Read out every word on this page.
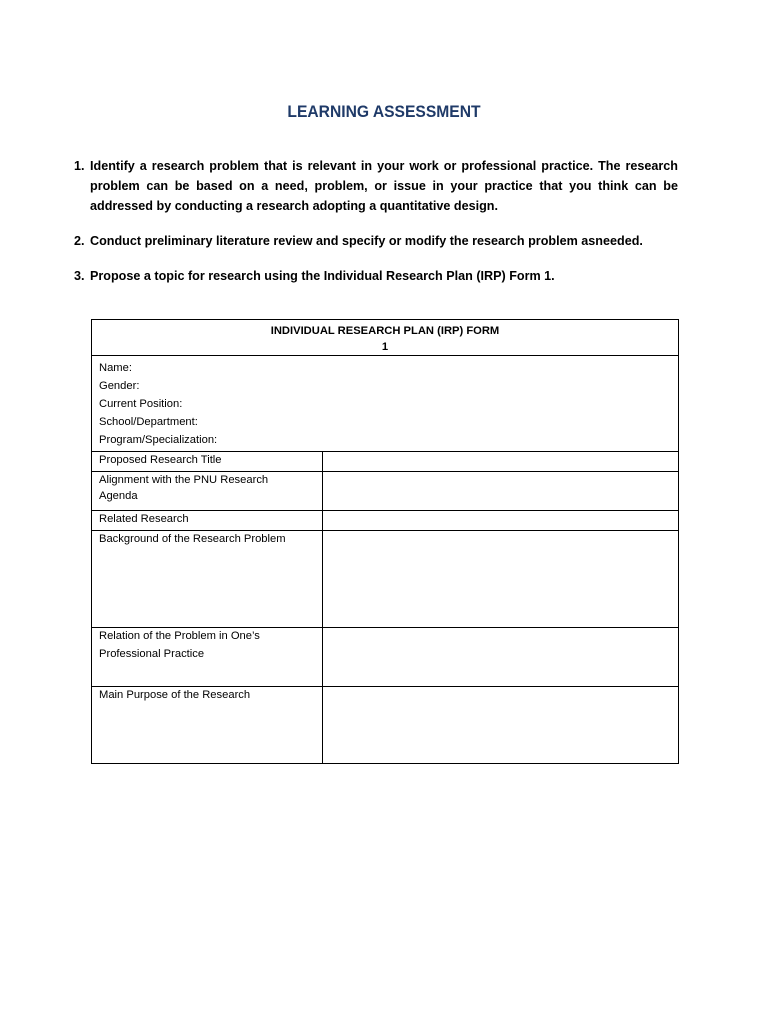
LEARNING ASSESSMENT
1. Identify a research problem that is relevant in your work or professional practice. The research problem can be based on a need, problem, or issue in your practice that you think can be addressed by conducting a research adopting a quantitative design.
2. Conduct preliminary literature review and specify or modify the research problem asneeded.
3. Propose a topic for research using the Individual Research Plan (IRP) Form 1.
INDIVIDUAL RESEARCH PLAN (IRP) FORM
1	

Name:
Gender:
Current Position:
School/Department:
Program/Specialization:	

Proposed Research Title	

Alignment with the PNU Research
Agenda	

Related Research	
Background of the Research Problem	

Relation of the Problem in One’s
Professional Practice	

Main Purpose of the Research	
